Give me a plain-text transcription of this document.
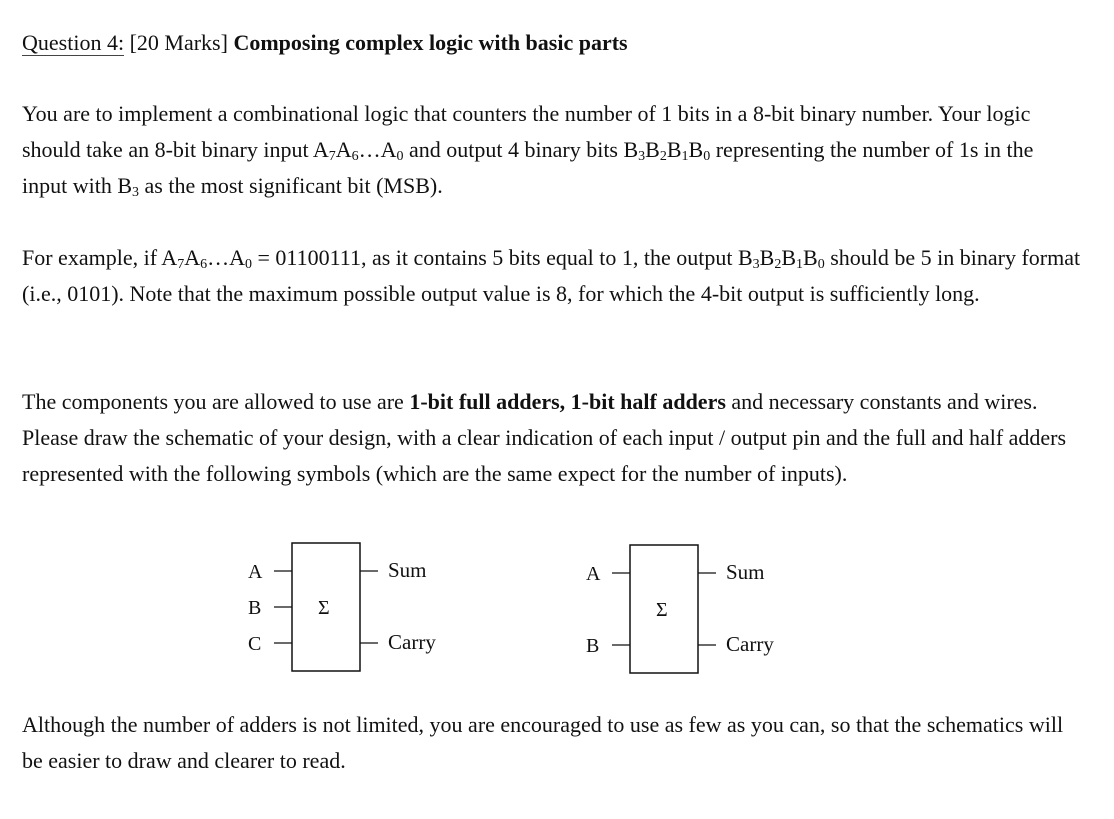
Question 4: [20 Marks] Composing complex logic with basic parts
You are to implement a combinational logic that counters the number of 1 bits in a 8-bit binary number. Your logic should take an 8-bit binary input $A_7A_6\dots A_0$ and output 4 binary bits $B_3B_2B_1B_0$ representing the number of 1s in the input with $B_3$ as the most significant bit (MSB).
For example, if $A_7A_6\dots A_0 = 01100111$, as it contains 5 bits equal to 1, the output $B_3B_2B_1B_0$ should be 5 in binary format (i.e., 0101). Note that the maximum possible output value is 8, for which the 4-bit output is sufficiently long.
The components you are allowed to use are 1-bit full adders, 1-bit half adders and necessary constants and wires. Please draw the schematic of your design, with a clear indication of each input / output pin and the full and half adders represented with the following symbols (which are the same expect for the number of inputs).
A
B
C
Σ
Sum
Carry
A
B
Σ
Sum
Carry
Although the number of adders is not limited, you are encouraged to use as few as you can, so that the schematics will be easier to draw and clearer to read.
